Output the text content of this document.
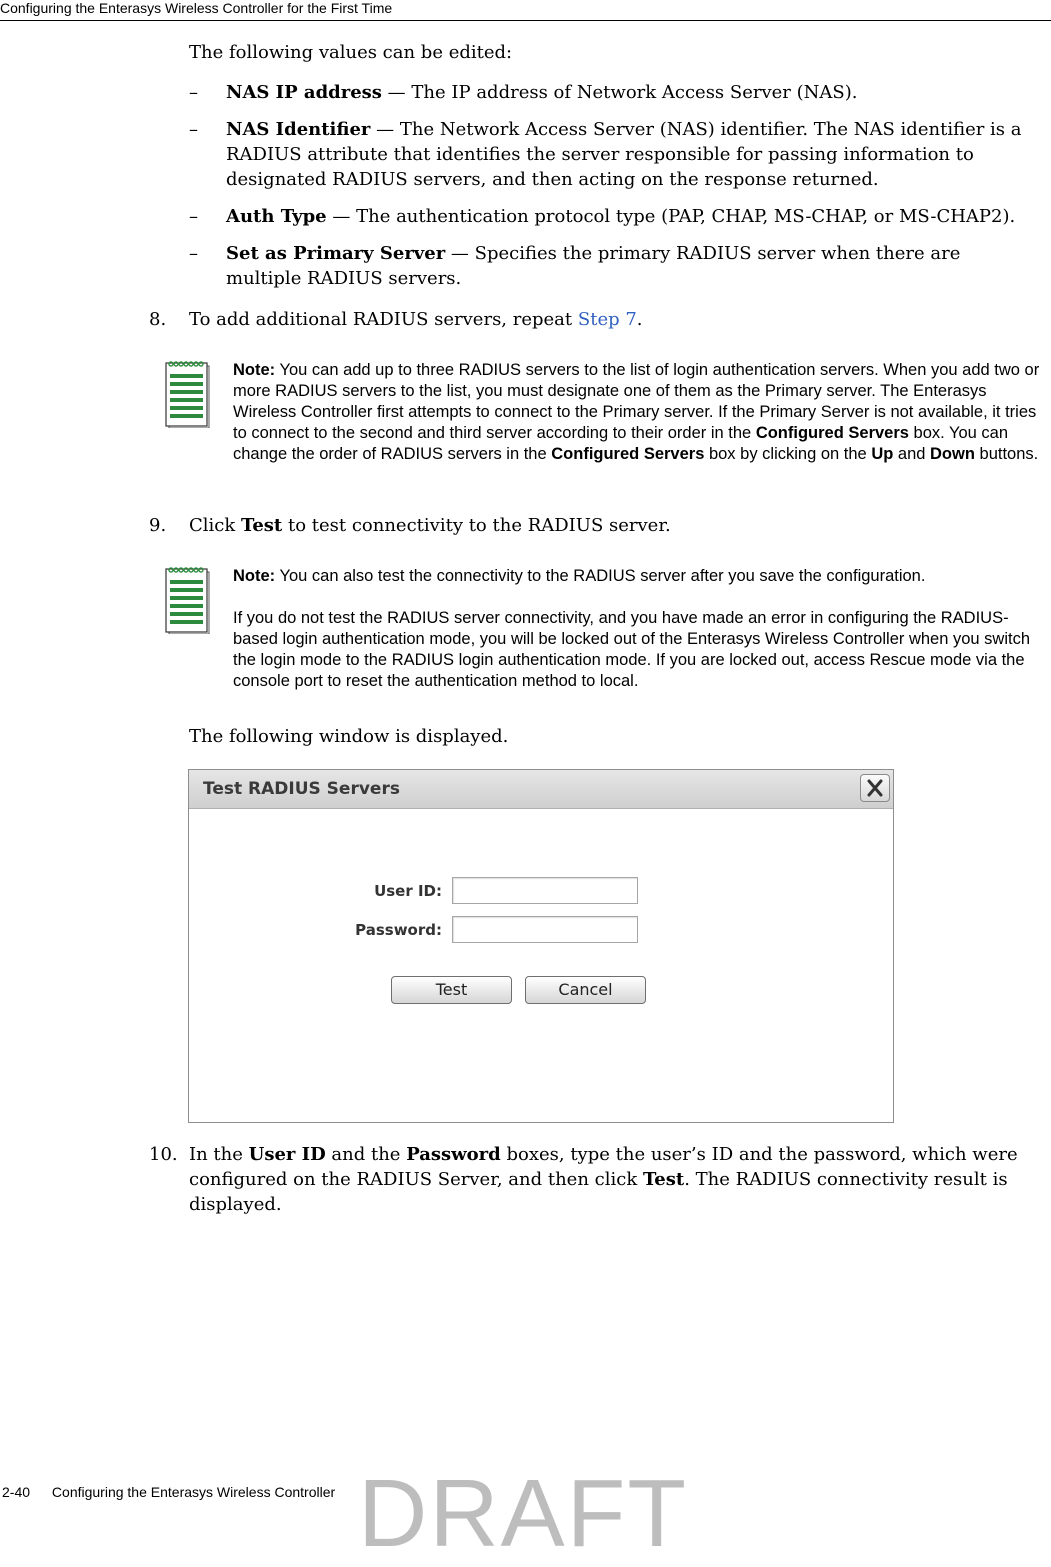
Configuring the Enterasys Wireless Controller for the First Time
The following values can be edited:
– NAS IP address — The IP address of Network Access Server (NAS).
– NAS Identifier — The Network Access Server (NAS) identifier. The NAS identifier is a RADIUS attribute that identifies the server responsible for passing information to designated RADIUS servers, and then acting on the response returned.
– Auth Type — The authentication protocol type (PAP, CHAP, MS-CHAP, or MS-CHAP2).
– Set as Primary Server — Specifies the primary RADIUS server when there are multiple RADIUS servers.
8. To add additional RADIUS servers, repeat Step 7.

Note: You can add up to three RADIUS servers to the list of login authentication servers. When you add two or more RADIUS servers to the list, you must designate one of them as the Primary server. The Enterasys Wireless Controller first attempts to connect to the Primary server. If the Primary Server is not available, it tries to connect to the second and third server according to their order in the Configured Servers box. You can change the order of RADIUS servers in the Configured Servers box by clicking on the Up and Down buttons.

9. Click Test to test connectivity to the RADIUS server.

Note: You can also test the connectivity to the RADIUS server after you save the configuration.

If you do not test the RADIUS server connectivity, and you have made an error in configuring the RADIUS-based login authentication mode, you will be locked out of the Enterasys Wireless Controller when you switch the login mode to the RADIUS login authentication mode. If you are locked out, access Rescue mode via the console port to reset the authentication method to local.

The following window is displayed.
Test RADIUS Servers
User ID:
Password:
Test	Cancel
10. In the User ID and the Password boxes, type the user’s ID and the password, which were configured on the RADIUS Server, and then click Test. The RADIUS connectivity result is displayed.
DRAFT
2-40 Configuring the Enterasys Wireless Controller
